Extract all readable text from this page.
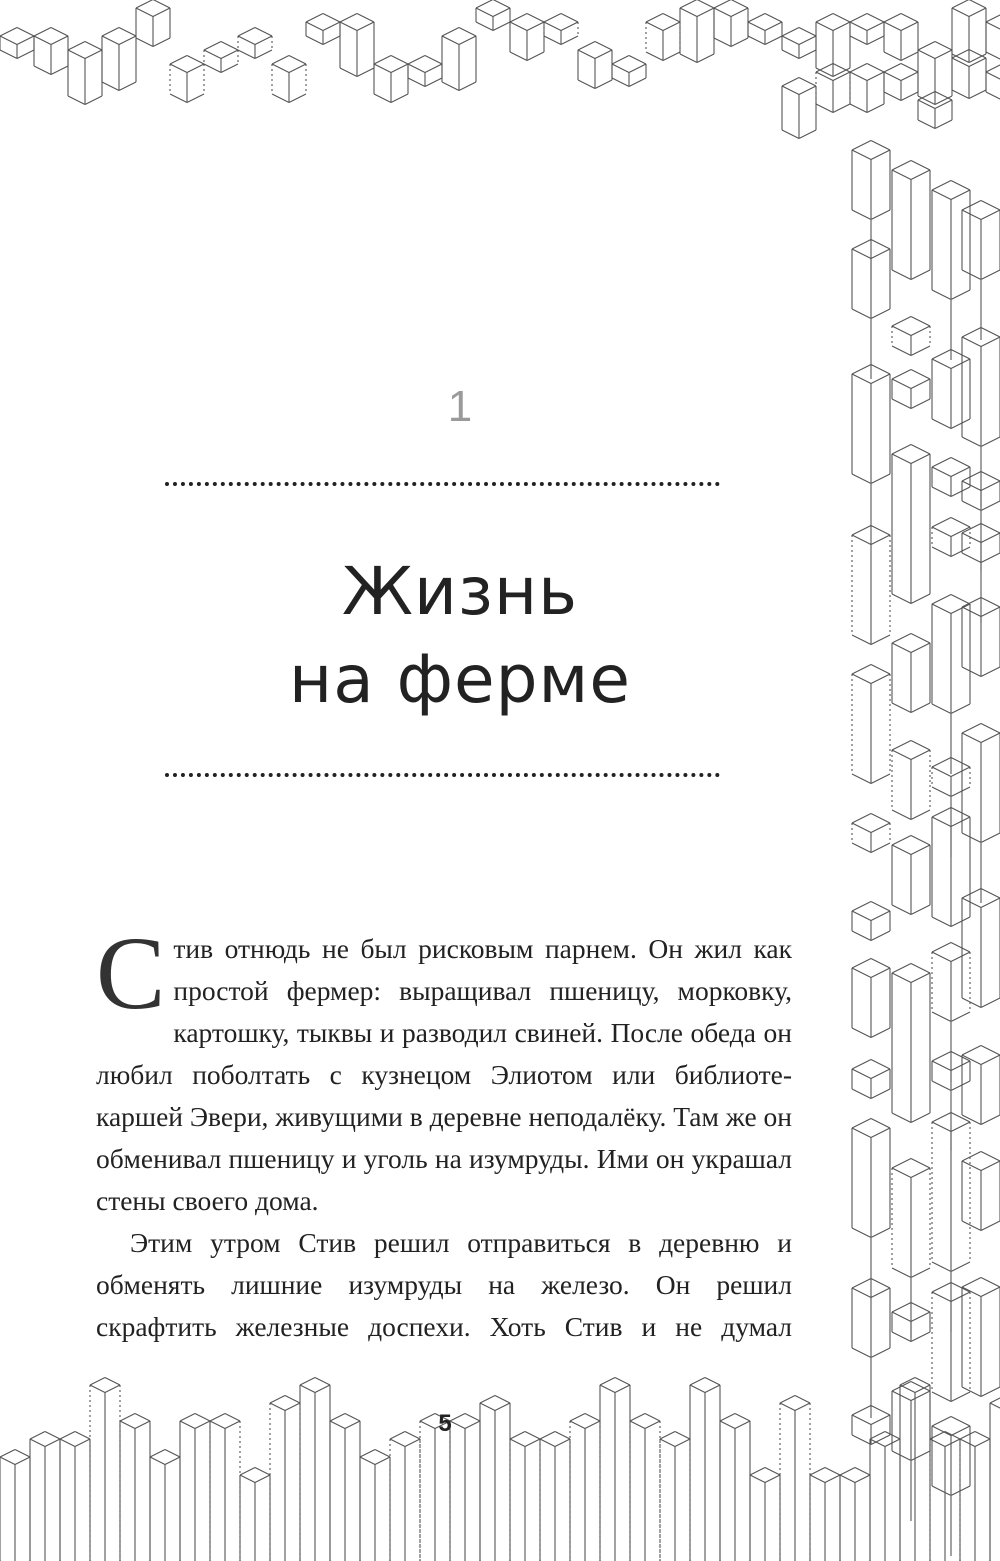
1
Жизнь
на ферме

Стив отнюдь не был рисковым парнем. Он жил как простой фермер: выращивал пшеницу, морковку, картошку, тыквы и разводил свиней. После обеда он любил поболтать с кузнецом Элиотом или библиотекаршей Эвери, живущими в деревне неподалёку. Там же он обменивал пшеницу и уголь на изумруды. Ими он украшал стены своего дома.

Этим утром Стив решил отправиться в деревню и обменять лишние изумруды на железо. Он решил скрафтить железные доспехи. Хоть Стив и не думал

5
